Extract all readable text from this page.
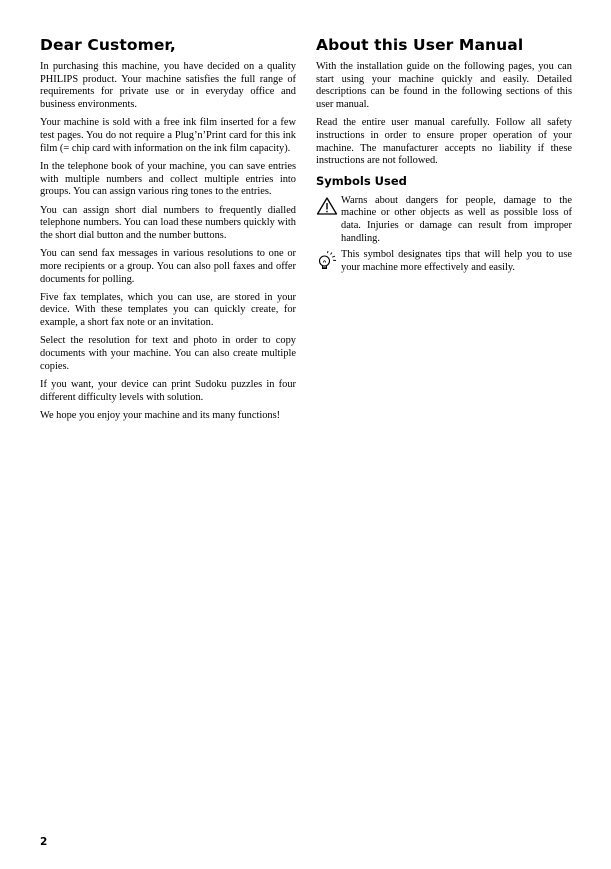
Dear Customer,

In purchasing this machine, you have decided on a quality PHILIPS product. Your machine satisfies the full range of requirements for private use or in everyday office and business environments.

Your machine is sold with a free ink film inserted for a few test pages. You do not require a Plug’n’Print card for this ink film (= chip card with information on the ink film capacity).

In the telephone book of your machine, you can save entries with multiple numbers and collect multiple entries into groups. You can assign various ring tones to the entries.

You can assign short dial numbers to frequently dialled telephone numbers. You can load these numbers quickly with the short dial button and the number buttons.

You can send fax messages in various resolutions to one or more recipients or a group. You can also poll faxes and offer documents for polling.

Five fax templates, which you can use, are stored in your device. With these templates you can quickly create, for example, a short fax note or an invitation.

Select the resolution for text and photo in order to copy documents with your machine. You can also create multiple copies.

If you want, your device can print Sudoku puzzles in four different difficulty levels with solution.

We hope you enjoy your machine and its many functions!

About this User Manual

With the installation guide on the following pages, you can start using your machine quickly and easily. Detailed descriptions can be found in the following sections of this user manual.

Read the entire user manual carefully. Follow all safety instructions in order to ensure proper operation of your machine. The manufacturer accepts no liability if these instructions are not followed.

Symbols Used

Warns about dangers for people, damage to the machine or other objects as well as possible loss of data. Injuries or damage can result from improper handling.

This symbol designates tips that will help you to use your machine more effectively and easily.

2
